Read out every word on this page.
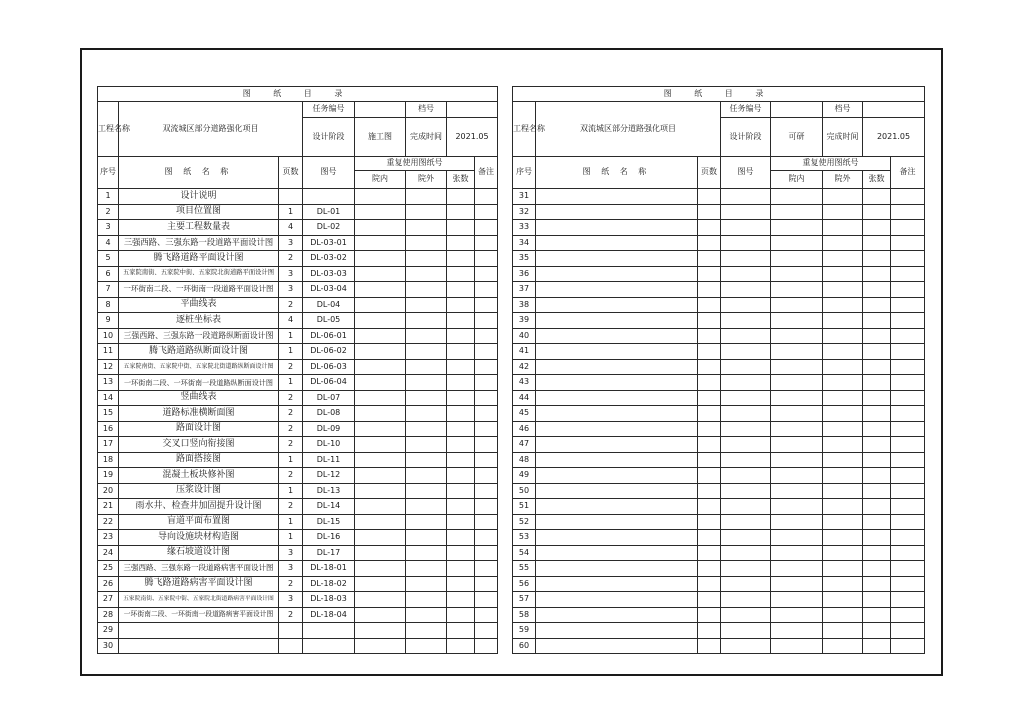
图 纸 目 录							
工程名称	双流城区部分道路强化项目		任务编号		档号		
			设计阶段	施工图	完成时间	2021.05	
序号	图 纸 名 称	页数	图号	重复使用图纸号			备注
				院内	院外	张数	
1	设计说明						
2	项目位置图	1	DL-01				
3	主要工程数量表	4	DL-02				
4	三强西路、三强东路一段道路平面设计图	3	DL-03-01				
5	腾飞路道路平面设计图	2	DL-03-02				
6	五家院南街、五家院中街、五家院北街道路平面设计图	3	DL-03-03				
7	一环街南二段、一环街南一段道路平面设计图	3	DL-03-04				
8	平曲线表	2	DL-04				
9	逐桩坐标表	4	DL-05				
10	三强西路、三强东路一段道路纵断面设计图	1	DL-06-01				
11	腾飞路道路纵断面设计图	1	DL-06-02				
12	五家院南街、五家院中街、五家院北街道路纵断面设计图	2	DL-06-03				
13	一环街南二段、一环街南一段道路纵断面设计图	1	DL-06-04				
14	竖曲线表	2	DL-07				
15	道路标准横断面图	2	DL-08				
16	路面设计图	2	DL-09				
17	交叉口竖向衔接图	2	DL-10				
18	路面搭接图	1	DL-11				
19	混凝土板块修补图	2	DL-12				
20	压浆设计图	1	DL-13				
21	雨水井、检查井加固提升设计图	2	DL-14				
22	盲道平面布置图	1	DL-15				
23	导向设施块材构造图	1	DL-16				
24	缘石坡道设计图	3	DL-17				
25	三强西路、三强东路一段道路病害平面设计图	3	DL-18-01				
26	腾飞路道路病害平面设计图	2	DL-18-02				
27	五家院南街、五家院中街、五家院北街道路病害平面设计图	3	DL-18-03				
28	一环街南二段、一环街南一段道路病害平面设计图	2	DL-18-04				
29							
30							
图 纸 目 录							
工程名称	双流城区部分道路强化项目		任务编号		档号		
			设计阶段	可研	完成时间	2021.05	
序号	图 纸 名 称	页数	图号	重复使用图纸号			备注
				院内	院外	张数	
31							
32							
33							
34							
35							
36							
37							
38							
39							
40							
41							
42							
43							
44							
45							
46							
47							
48							
49							
50							
51							
52							
53							
54							
55							
56							
57							
58							
59							
60							
